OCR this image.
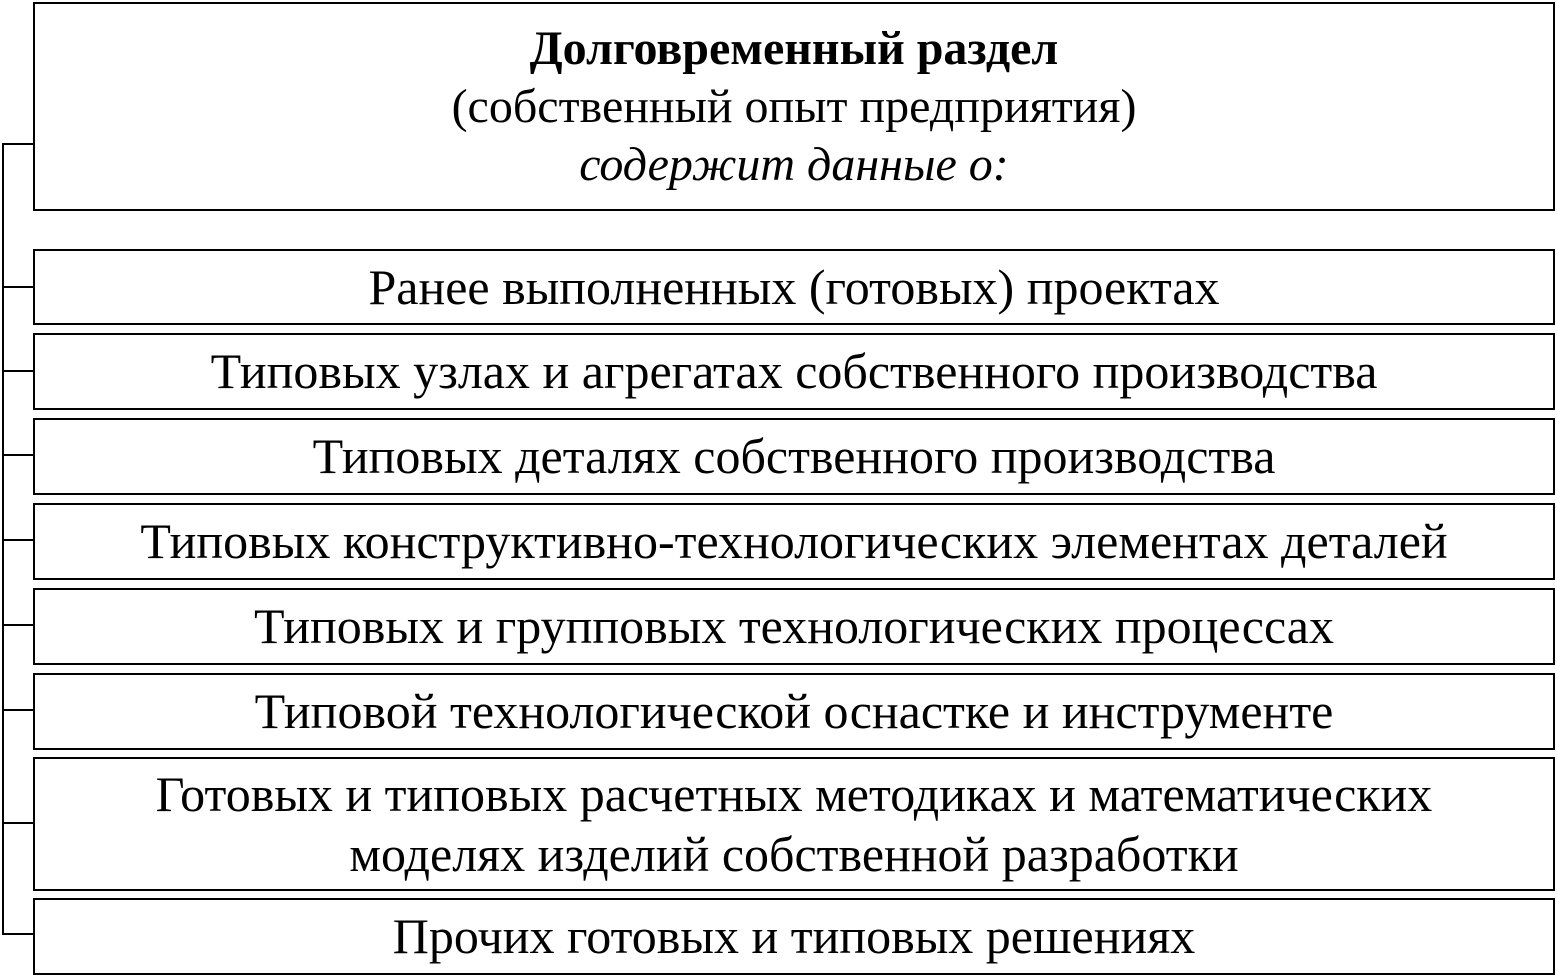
Долговременный раздел
(собственный опыт предприятия)
содержит данные о:
Ранее выполненных (готовых) проектах
Типовых узлах и агрегатах собственного производства
Типовых деталях собственного производства
Типовых конструктивно-технологических элементах деталей
Типовых и групповых технологических процессах
Типовой технологической оснастке и инструменте
Готовых и типовых расчетных методиках и математических
моделях изделий собственной разработки
Прочих готовых и типовых решениях
